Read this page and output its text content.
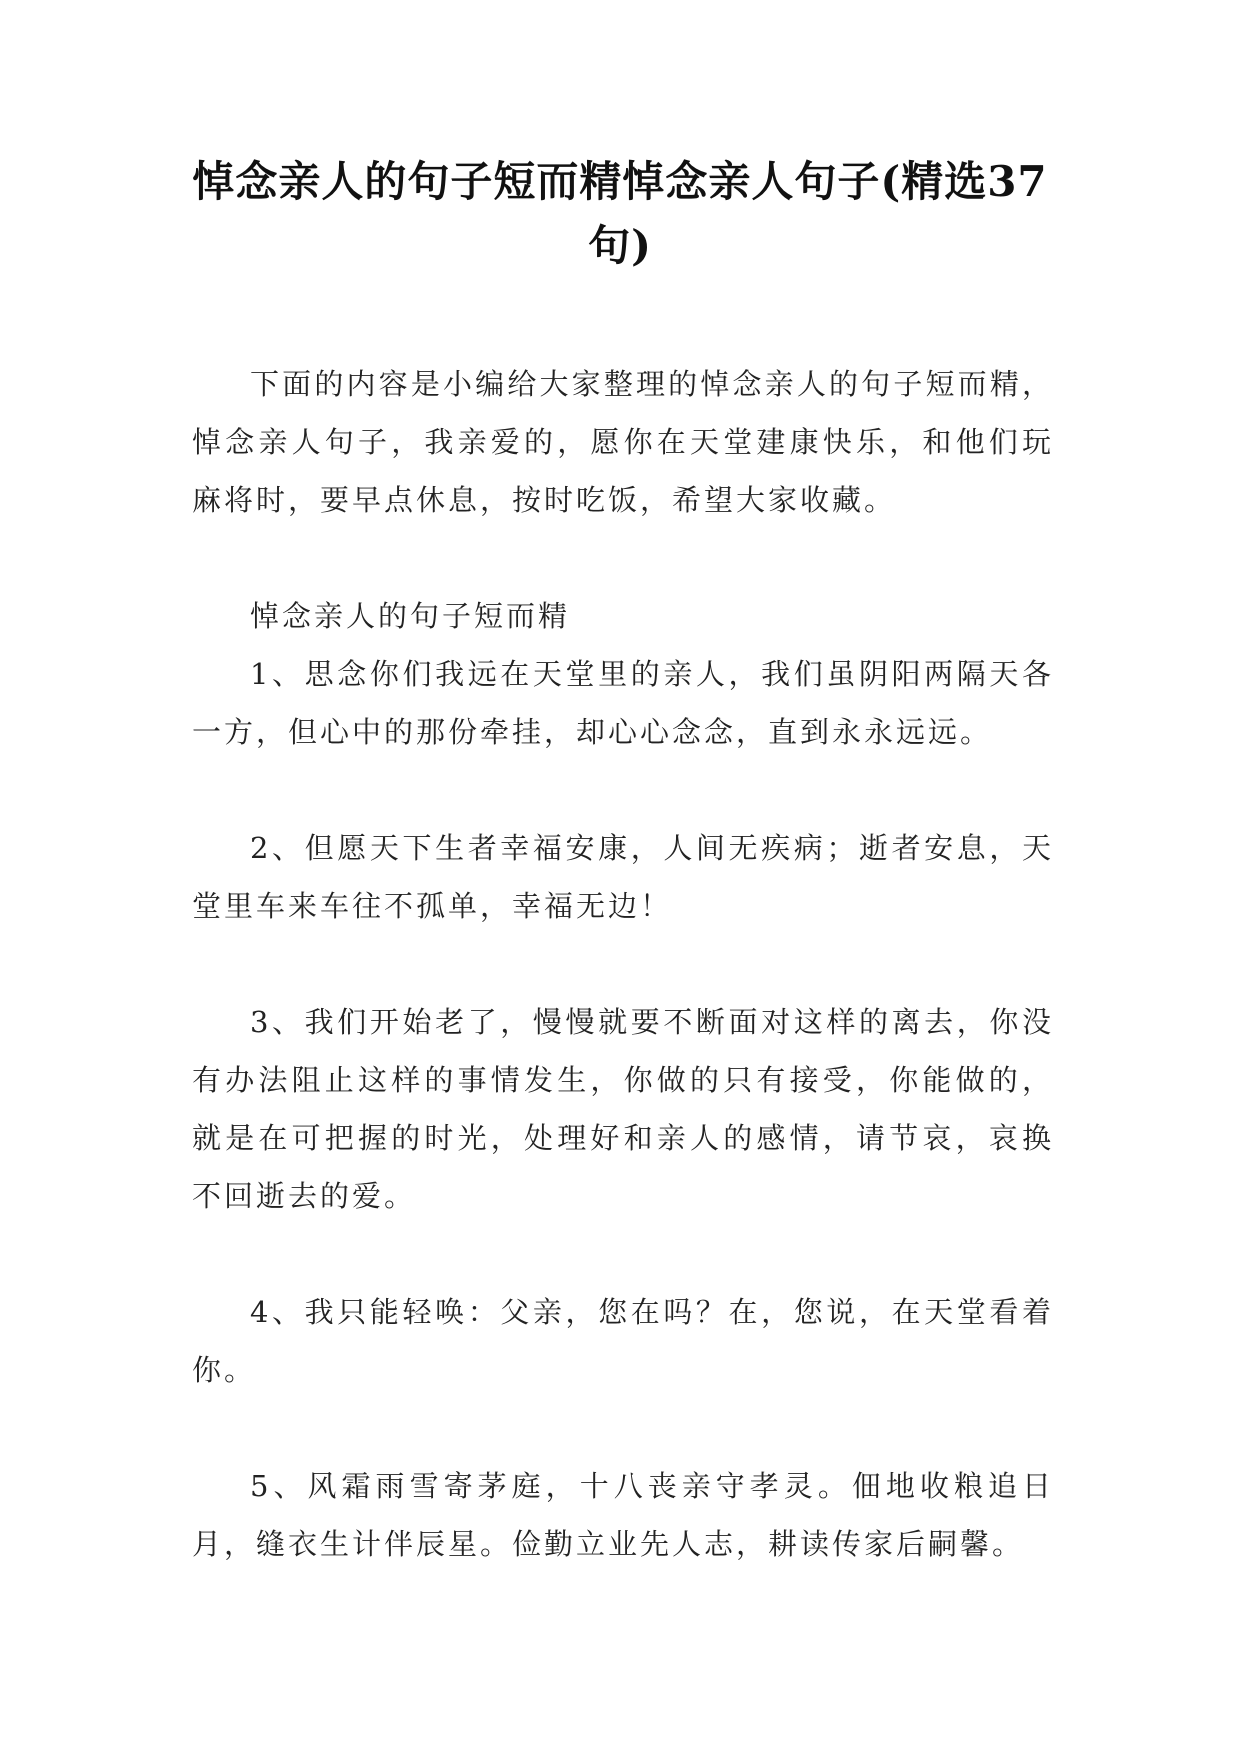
悼念亲人的句子短而精悼念亲人句子(精选37句)

下面的内容是小编给大家整理的悼念亲人的句子短而精，悼念亲人句子，我亲爱的，愿你在天堂建康快乐，和他们玩麻将时，要早点休息，按时吃饭，希望大家收藏。

悼念亲人的句子短而精

1、思念你们我远在天堂里的亲人，我们虽阴阳两隔天各一方，但心中的那份牵挂，却心心念念，直到永永远远。

2、但愿天下生者幸福安康，人间无疾病；逝者安息，天堂里车来车往不孤单，幸福无边！

3、我们开始老了，慢慢就要不断面对这样的离去，你没有办法阻止这样的事情发生，你做的只有接受，你能做的，就是在可把握的时光，处理好和亲人的感情，请节哀，哀换不回逝去的爱。

4、我只能轻唤：父亲，您在吗？在，您说，在天堂看着你。

5、风霜雨雪寄茅庭，十八丧亲守孝灵。佃地收粮追日月，缝衣生计伴辰星。俭勤立业先人志，耕读传家后嗣馨。
